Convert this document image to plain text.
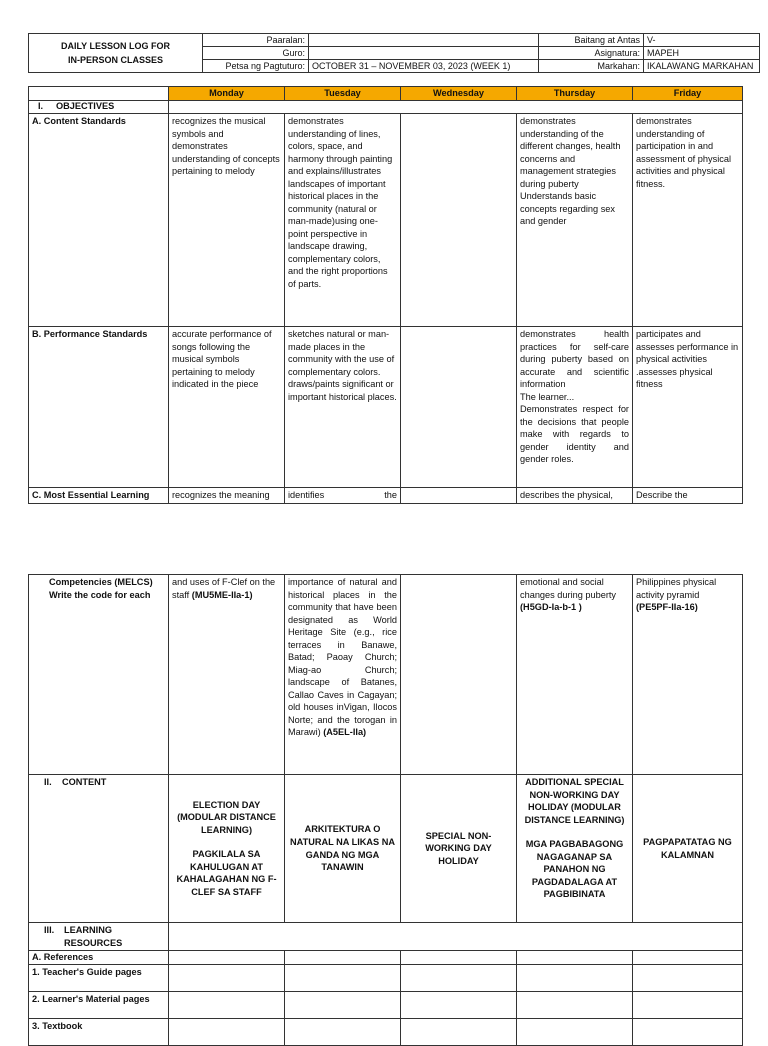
DAILY LESSON LOG FOR
IN-PERSON CLASSES	Paaralan:		Baitang at Antas	V-
	Guro:		Asignatura:	MAPEH
	Petsa ng Pagtuturo:	OCTOBER 31 – NOVEMBER 03, 2023 (WEEK 1)	Markahan:	IKALAWANG MARKAHAN
	Monday	Tuesday	Wednesday	Thursday	Friday
I. OBJECTIVES					
A. Content Standards	recognizes the musical symbols and demonstrates understanding of concepts pertaining to melody	demonstrates understanding of lines, colors, space, and harmony through painting and explains/illustrates landscapes of important historical places in the community (natural or man-made)using one-point perspective in landscape drawing, complementary colors, and the right proportions of parts.		demonstrates understanding of the different changes, health concerns and management strategies during puberty Understands basic concepts regarding sex and gender	demonstrates understanding of participation in and assessment of physical activities and physical fitness.
B. Performance Standards	accurate performance of songs following the musical symbols pertaining to melody indicated in the piece	sketches natural or man-made places in the community with the use of complementary colors. draws/paints significant or important historical places.		demonstrates health practices for self-care during puberty based on accurate and scientific information
The learner...
Demonstrates respect for the decisions that people make with regards to gender identity and gender roles.	participates and assesses performance in physical activities .assesses physical fitness
C. Most Essential Learning	recognizes the meaning	identifies the		describes the physical,	Describe the
Competencies (MELCS)
Write the code for each	and uses of F-Clef on the staff (MU5ME-IIa-1)	importance of natural and historical places in the community that have been designated as World Heritage Site (e.g., rice terraces in Banawe, Batad; Paoay Church; Miag-ao Church; landscape of Batanes, Callao Caves in Cagayan; old houses inVigan, Ilocos Norte; and the torogan in Marawi) (A5EL-IIa)		emotional and social changes during puberty
(H5GD-Ia-b-1 )	Philippines physical activity pyramid
(PE5PF-IIa-16)

II. CONTENT	ELECTION DAY (MODULAR DISTANCE LEARNING)
PAGKILALA SA KAHULUGAN AT KAHALAGAHAN NG F-CLEF SA STAFF	ARKITEKTURA O NATURAL NA LIKAS NA GANDA NG MGA TANAWIN	SPECIAL NON-WORKING DAY HOLIDAY	ADDITIONAL SPECIAL NON-WORKING DAY HOLIDAY (MODULAR DISTANCE LEARNING)
MGA PAGBABAGONG NAGAGANAP SA PANAHON NG PAGDADALAGA AT PAGBIBINATA	PAGPAPATATAG NG KALAMNAN

III. LEARNING RESOURCES					

A. References					
1. Teacher's Guide pages					
2. Learner's Material pages					
3. Textbook					
